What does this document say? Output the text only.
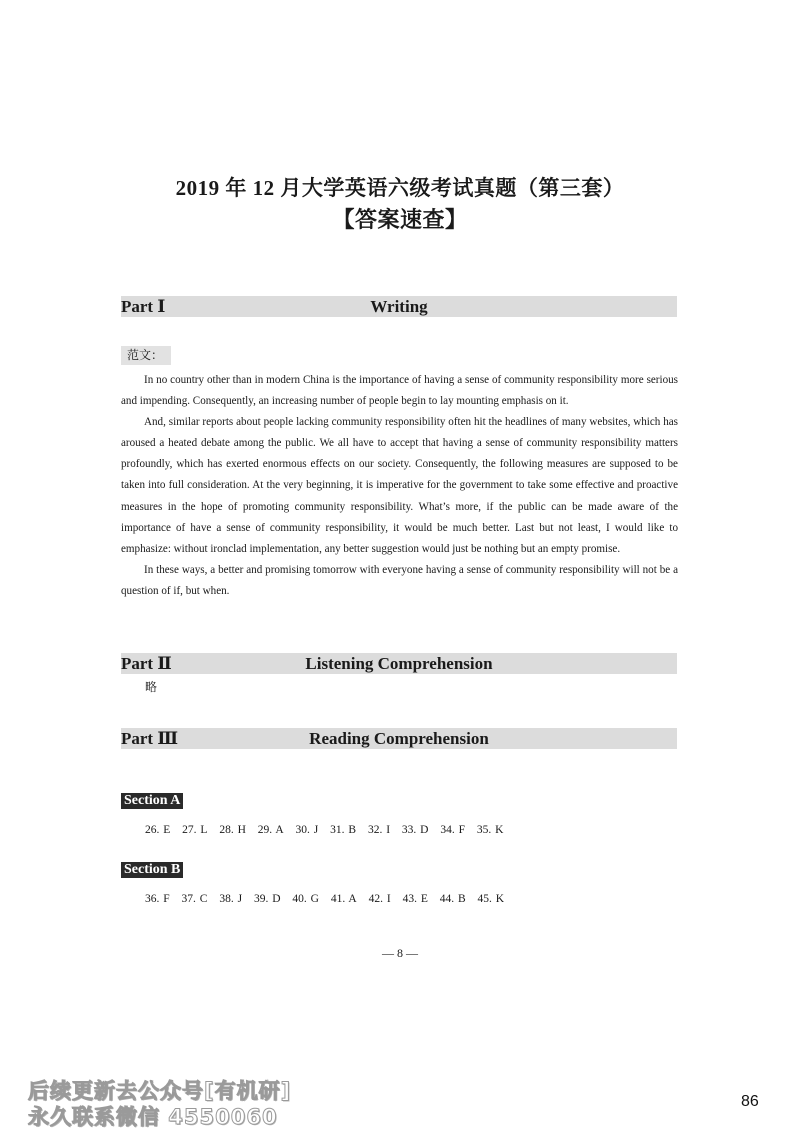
2019 年 12 月大学英语六级考试真题（第三套）
【答案速查】
Part Ⅰ	Writing
范文：

In no country other than in modern China is the importance of having a sense of community responsibility more serious and impending. Consequently, an increasing number of people begin to lay mounting emphasis on it.

And, similar reports about people lacking community responsibility often hit the headlines of many websites, which has aroused a heated debate among the public. We all have to accept that having a sense of community responsibility matters profoundly, which has exerted enormous effects on our society. Consequently, the following measures are supposed to be taken into full consideration. At the very beginning, it is imperative for the government to take some effective and proactive measures in the hope of promoting community responsibility. What’s more, if the public can be made aware of the importance of have a sense of community responsibility, it would be much better. Last but not least, I would like to emphasize: without ironclad implementation, any better suggestion would just be nothing but an empty promise.

In these ways, a better and promising tomorrow with everyone having a sense of community responsibility will not be a question of if, but when.

Part Ⅱ	Listening Comprehension
略
Part Ⅲ	Reading Comprehension
Section A
26. E 27. L 28. H 29. A 30. J 31. B 32. I 33. D 34. F 35. K
Section B
36. F 37. C 38. J 39. D 40. G 41. A 42. I 43. E 44. B 45. K
— 8 —
后续更新去公众号[有机研]
永久联系微信 4550060
86
